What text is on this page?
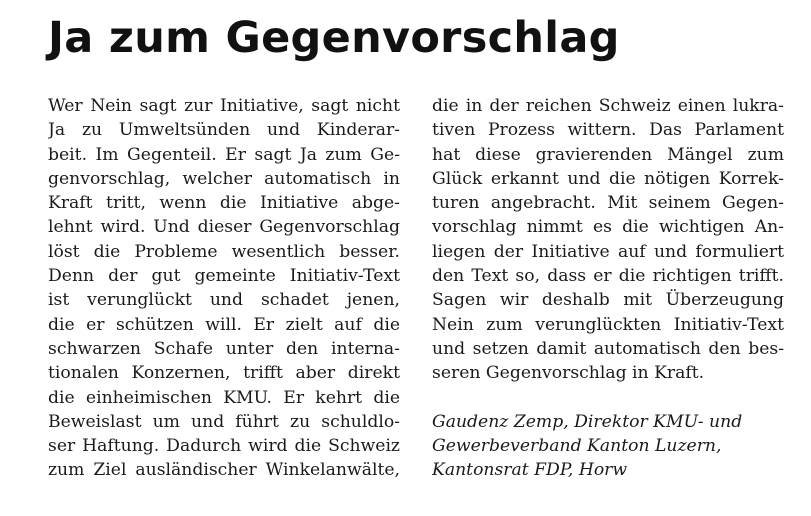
Ja zum Gegenvorschlag
Wer Nein sagt zur Initiative, sagt nicht
Ja zu Umweltsünden und Kinderar-
beit. Im Gegenteil. Er sagt Ja zum Ge-
genvorschlag, welcher automatisch in
Kraft tritt, wenn die Initiative abge-
lehnt wird. Und dieser Gegenvorschlag
löst die Probleme wesentlich besser.
Denn der gut gemeinte Initiativ-Text
ist verunglückt und schadet jenen,
die er schützen will. Er zielt auf die
schwarzen Schafe unter den interna-
tionalen Konzernen, trifft aber direkt
die einheimischen KMU. Er kehrt die
Beweislast um und führt zu schuldlo-
ser Haftung. Dadurch wird die Schweiz
zum Ziel ausländischer Winkelanwälte,
die in der reichen Schweiz einen lukra-
tiven Prozess wittern. Das Parlament
hat diese gravierenden Mängel zum
Glück erkannt und die nötigen Korrek-
turen angebracht. Mit seinem Gegen-
vorschlag nimmt es die wichtigen An-
liegen der Initiative auf und formuliert
den Text so, dass er die richtigen trifft.
Sagen wir deshalb mit Überzeugung
Nein zum verunglückten Initiativ-Text
und setzen damit automatisch den bes-
seren Gegenvorschlag in Kraft.
Gaudenz Zemp, Direktor KMU- und
Gewerbeverband Kanton Luzern,
Kantonsrat FDP, Horw
